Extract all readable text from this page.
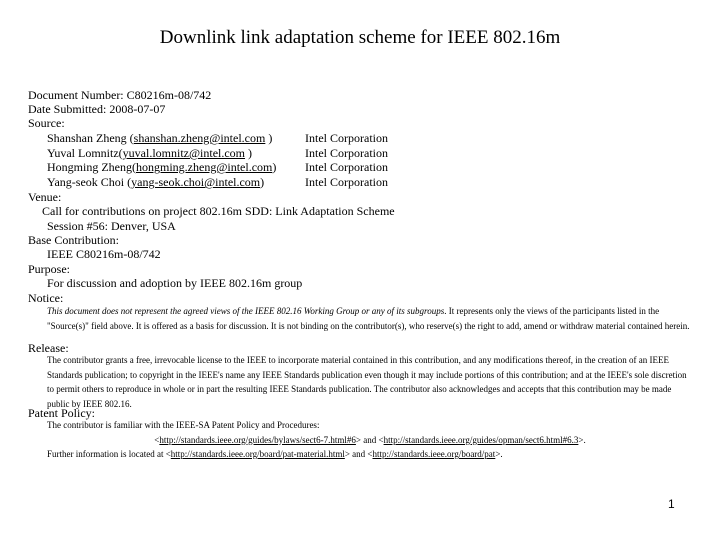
Downlink link adaptation scheme for IEEE 802.16m
Document Number: C80216m-08/742
Date Submitted: 2008-07-07
Source:
Shanshan Zheng (shanshan.zheng@intel.com )	Intel Corporation
Yuval Lomnitz(yuval.lomnitz@intel.com )	Intel Corporation
Hongming Zheng(hongming.zheng@intel.com) Intel Corporation
Yang-seok Choi (yang-seok.choi@intel.com)	Intel Corporation
Venue:
Call for contributions on project 802.16m SDD: Link Adaptation Scheme
Session #56: Denver, USA
Base Contribution:
IEEE C80216m-08/742
Purpose:
For discussion and adoption by IEEE 802.16m group
Notice:
This document does not represent the agreed views of the IEEE 802.16 Working Group or any of its subgroups. It represents only the views of the participants listed in the "Source(s)" field above. It is offered as a basis for discussion. It is not binding on the contributor(s), who reserve(s) the right to add, amend or withdraw material contained herein.
Release:
The contributor grants a free, irrevocable license to the IEEE to incorporate material contained in this contribution, and any modifications thereof, in the creation of an IEEE Standards publication; to copyright in the IEEE's name any IEEE Standards publication even though it may include portions of this contribution; and at the IEEE's sole discretion to permit others to reproduce in whole or in part the resulting IEEE Standards publication. The contributor also acknowledges and accepts that this contribution may be made public by IEEE 802.16.
Patent Policy:
The contributor is familiar with the IEEE-SA Patent Policy and Procedures:
<http://standards.ieee.org/guides/bylaws/sect6-7.html#6> and <http://standards.ieee.org/guides/opman/sect6.html#6.3>.
Further information is located at <http://standards.ieee.org/board/pat-material.html> and <http://standards.ieee.org/board/pat>.
1
